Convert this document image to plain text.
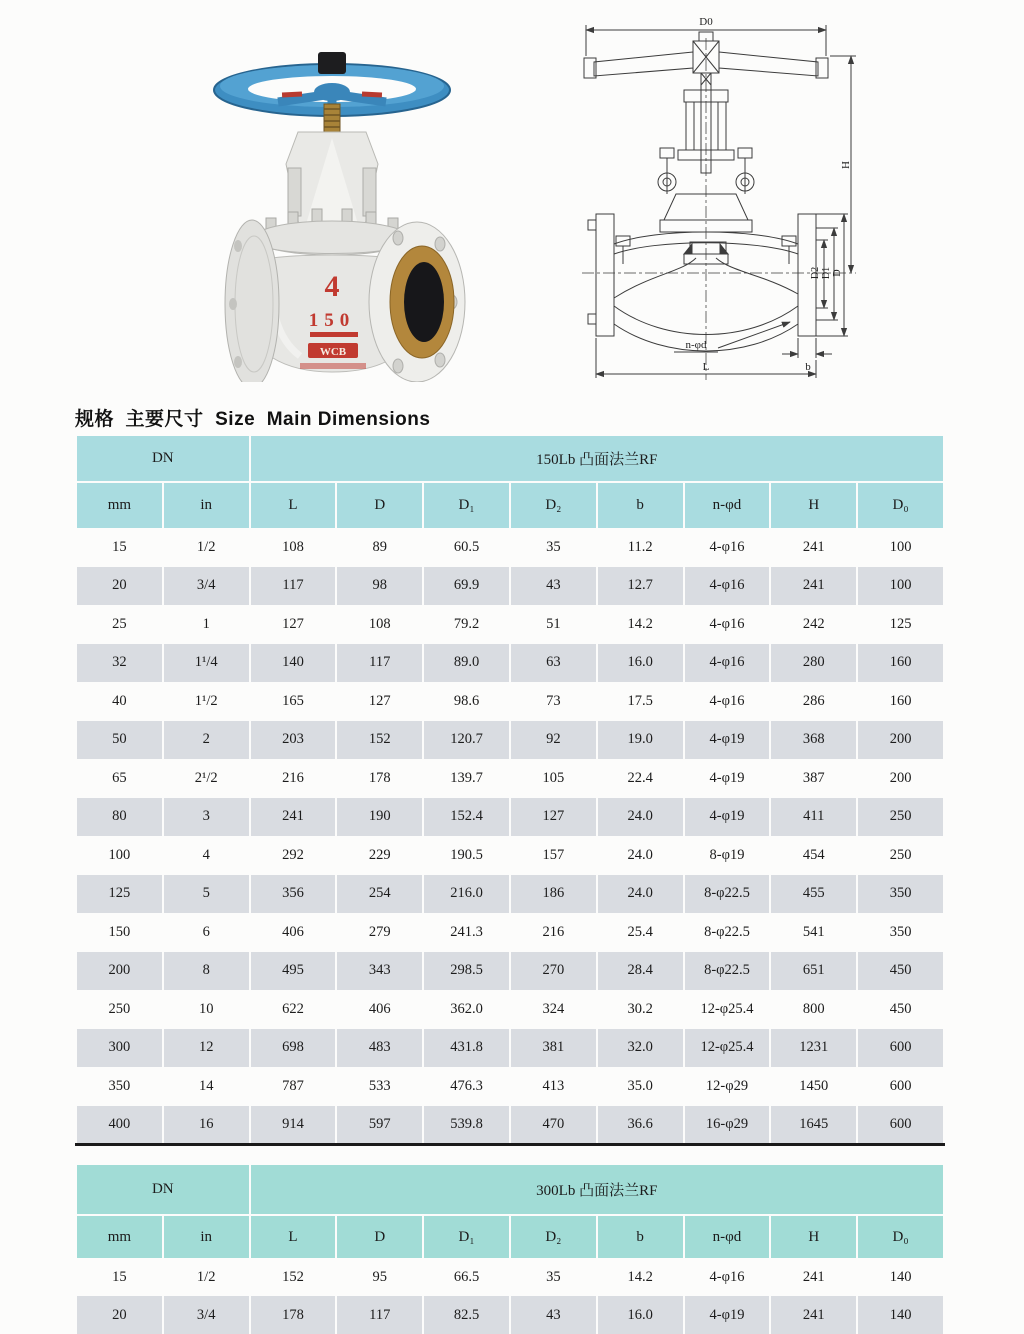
4
150
WCB
D0
H
D2 D1 D
n-φd
b
L
规格  主要尺寸  Size  Main Dimensions
DN		150Lb 凸面法兰RF							
mm	in	L	D	D₁	D₂	b	n-φd	H	D₀
15	1/2	108	89	60.5	35	11.2	4-φ16	241	100
20	3/4	117	98	69.9	43	12.7	4-φ16	241	100
25	1	127	108	79.2	51	14.2	4-φ16	242	125
32	1¹/4	140	117	89.0	63	16.0	4-φ16	280	160
40	1¹/2	165	127	98.6	73	17.5	4-φ16	286	160
50	2	203	152	120.7	92	19.0	4-φ19	368	200
65	2¹/2	216	178	139.7	105	22.4	4-φ19	387	200
80	3	241	190	152.4	127	24.0	4-φ19	411	250
100	4	292	229	190.5	157	24.0	8-φ19	454	250
125	5	356	254	216.0	186	24.0	8-φ22.5	455	350
150	6	406	279	241.3	216	25.4	8-φ22.5	541	350
200	8	495	343	298.5	270	28.4	8-φ22.5	651	450
250	10	622	406	362.0	324	30.2	12-φ25.4	800	450
300	12	698	483	431.8	381	32.0	12-φ25.4	1231	600
350	14	787	533	476.3	413	35.0	12-φ29	1450	600
400	16	914	597	539.8	470	36.6	16-φ29	1645	600
DN		300Lb 凸面法兰RF							
mm	in	L	D	D₁	D₂	b	n-φd	H	D₀
15	1/2	152	95	66.5	35	14.2	4-φ16	241	140
20	3/4	178	117	82.5	43	16.0	4-φ19	241	140
